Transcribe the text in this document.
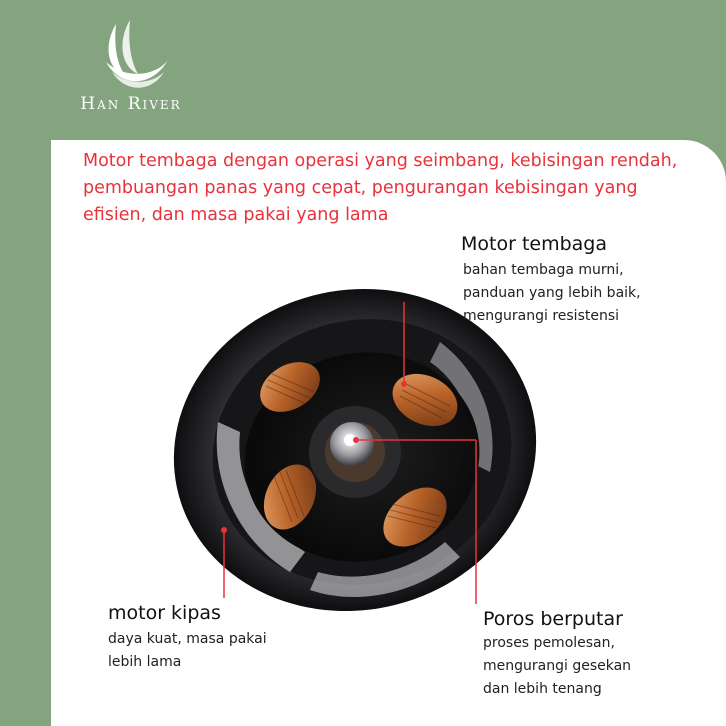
Han River

Motor tembaga dengan operasi yang seimbang, kebisingan rendah, pembuangan panas yang cepat, pengurangan kebisingan yang efisien, dan masa pakai yang lama

Motor tembaga

bahan tembaga murni,
panduan yang lebih baik,
mengurangi resistensi

motor kipas

daya kuat, masa pakai
lebih lama

Poros berputar

proses pemolesan,
mengurangi gesekan
dan lebih tenang
